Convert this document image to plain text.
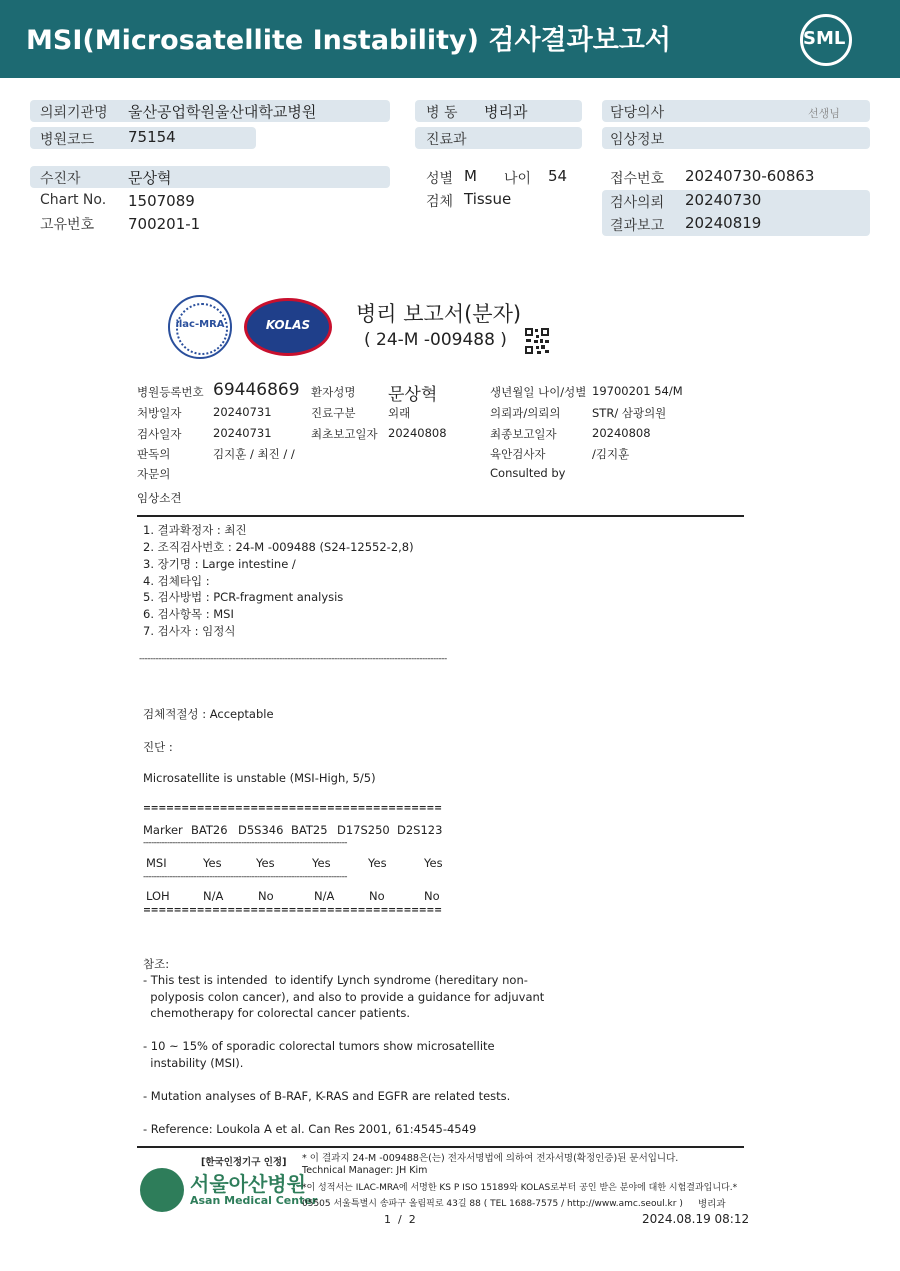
MSI(Microsatellite Instability) 검사결과보고서	SML
의뢰기관명 울산공업학원울산대학교병원
병원코드 75154
병 동 병리과
진료과
담당의사	선생님
임상정보
수진자	문상혁
Chart No. 1507089
고유번호 700201-1
성별 M 나이 54
검체 Tissue
접수번호 20240730-60863
검사의뢰 20240730
결과보고 20240819
ilac-MRA	KOLAS	병리 보고서(분자)
( 24-M -009488 )
병원등록번호 69446869 환자성명 문상혁	생년월일 나이/성별 19700201 54/M
처방일자	20240731	진료구분	외래	의뢰과/의뢰의	STR/ 삼광의원
검사일자	20240731	최초보고일자 20240808	최종보고일자	20240808
판독의	김지훈 / 최진 / /	육안검사자	/김지훈
자문의	Consulted by
임상소견
1. 결과확정자 : 최진
2. 조직검사번호 : 24-M -009488 (S24-12552-2,8)
3. 장기명 : Large intestine /
4. 검체타입 :
5. 검사방법 : PCR-fragment analysis
6. 검사항목 : MSI
7. 검사자 : 임정식
----------------------------------------------------------------------------------------------------------------
검체적절성 : Acceptable
진단 :
Microsatellite is unstable (MSI-High, 5/5)
=======================================
Marker BAT26 D5S346 BAT25 D17S250 D2S123
-----------------------------------------------------------------------------
MSI	Yes	Yes	Yes	Yes	Yes
-----------------------------------------------------------------------------
LOH	N/A	No	N/A	No	No
=======================================
참조:
- This test is intended  to identify Lynch syndrome (hereditary non-
polyposis colon cancer), and also to provide a guidance for adjuvant
chemotherapy for colorectal cancer patients.
- 10 ~ 15% of sporadic colorectal tumors show microsatellite
instability (MSI).
- Mutation analyses of B-RAF, K-RAS and EGFR are related tests.
- Reference: Loukola A et al. Can Res 2001, 61:4545-4549
[한국인정기구 인정]
서울아산병원
Asan Medical Center
* 이 결과지 24-M -009488은(는) 전자서명법에 의하여 전자서명(확정인증)된 문서입니다.
Technical Manager: JH Kim
*이 성적서는 ILAC-MRA에 서명한 KS P ISO 15189와 KOLAS로부터 공인 받은 분야에 대한 시험결과입니다.*
05505 서울특별시 송파구 올림픽로 43길 88 ( TEL 1688-7575 / http://www.amc.seoul.kr ) 병리과
1  /  2	2024.08.19 08:12
